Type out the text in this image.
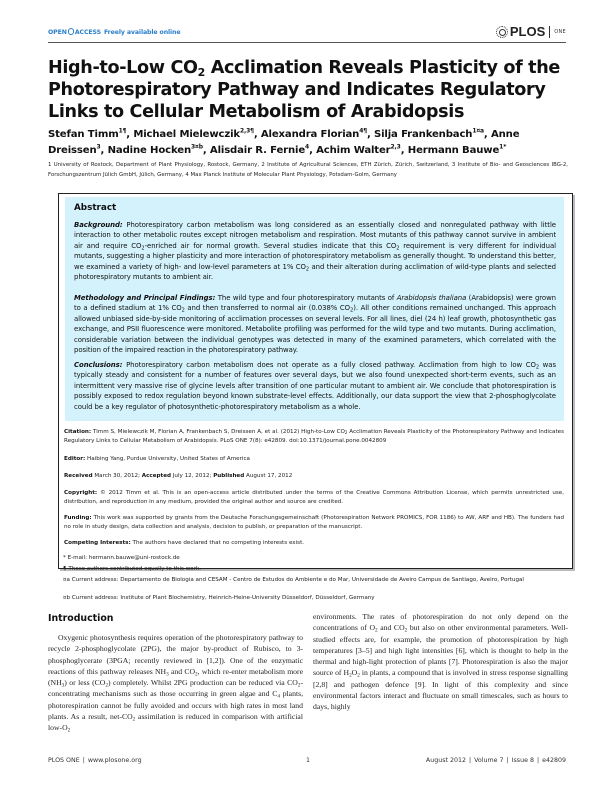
OPEN ACCESS Freely available online	PLOS ONE
High-to-Low $CO_2$ Acclimation Reveals Plasticity of the Photorespiratory Pathway and Indicates Regulatory Links to Cellular Metabolism of Arabidopsis
Stefan Timm$^{1\P}$, Michael Mielewczik$^{2,3\P}$, Alexandra Florian$^{4\P}$, Silja Frankenbach$^{1¤a}$, Anne Dreissen$^3$, Nadine Hocken$^{3¤b}$, Alisdair R. Fernie$^4$, Achim Walter$^{2,3}$, Hermann Bauwe$^{1*}$
1 University of Rostock, Department of Plant Physiology, Rostock, Germany, 2 Institute of Agricultural Sciences, ETH Zürich, Zürich, Switzerland, 3 Institute of Bio- and Geosciences IBG-2, Forschungszentrum Jülich GmbH, Jülich, Germany, 4 Max Planck Institute of Molecular Plant Physiology, Potsdam-Golm, Germany
Abstract
Background: Photorespiratory carbon metabolism was long considered as an essentially closed and nonregulated pathway with little interaction to other metabolic routes except nitrogen metabolism and respiration. Most mutants of this pathway cannot survive in ambient air and require $CO_2$-enriched air for normal growth. Several studies indicate that this $CO_2$ requirement is very different for individual mutants, suggesting a higher plasticity and more interaction of photorespiratory metabolism as generally thought. To understand this better, we examined a variety of high- and low-level parameters at 1% $CO_2$ and their alteration during acclimation of wild-type plants and selected photorespiratory mutants to ambient air.
Methodology and Principal Findings: The wild type and four photorespiratory mutants of Arabidopsis thaliana (Arabidopsis) were grown to a defined stadium at 1% $CO_2$ and then transferred to normal air (0.038% $CO_2$). All other conditions remained unchanged. This approach allowed unbiased side-by-side monitoring of acclimation processes on several levels. For all lines, diel (24 h) leaf growth, photosynthetic gas exchange, and PSII fluorescence were monitored. Metabolite profiling was performed for the wild type and two mutants. During acclimation, considerable variation between the individual genotypes was detected in many of the examined parameters, which correlated with the position of the impaired reaction in the photorespiratory pathway.
Conclusions: Photorespiratory carbon metabolism does not operate as a fully closed pathway. Acclimation from high to low $CO_2$ was typically steady and consistent for a number of features over several days, but we also found unexpected short-term events, such as an intermittent very massive rise of glycine levels after transition of one particular mutant to ambient air. We conclude that photorespiration is possibly exposed to redox regulation beyond known substrate-level effects. Additionally, our data support the view that 2-phosphoglycolate could be a key regulator of photosynthetic-photorespiratory metabolism as a whole.
Citation: Timm S, Mielewczik M, Florian A, Frankenbach S, Dreissen A, et al. (2012) High-to-Low $CO_2$ Acclimation Reveals Plasticity of the Photorespiratory Pathway and Indicates Regulatory Links to Cellular Metabolism of Arabidopsis. PLoS ONE 7(8): e42809. doi:10.1371/journal.pone.0042809
Editor: Haibing Yang, Purdue University, United States of America
Received March 30, 2012; Accepted July 12, 2012; Published August 17, 2012
Copyright: © 2012 Timm et al. This is an open-access article distributed under the terms of the Creative Commons Attribution License, which permits unrestricted use, distribution, and reproduction in any medium, provided the original author and source are credited.
Funding: This work was supported by grants from the Deutsche Forschungsgemeinschaft (Photorespiration Network PROMICS, FOR 1186) to AW, ARF and HB). The funders had no role in study design, data collection and analysis, decision to publish, or preparation of the manuscript.
Competing Interests: The authors have declared that no competing interests exist.
* E-mail: hermann.bauwe@uni-rostock.de
¶ These authors contributed equally to this work.
¤a Current address: Departamento de Biologia and CESAM - Centro de Estudos do Ambiente e do Mar, Universidade de Aveiro Campus de Santiago, Aveiro, Portugal
¤b Current address: Institute of Plant Biochemistry, Heinrich-Heine-University Düsseldorf, Düsseldorf, Germany
Introduction
Oxygenic photosynthesis requires operation of the photorespiratory pathway to recycle 2-phosphoglycolate (2PG), the major by-product of Rubisco, to 3-phosphoglycerate (3PGA; recently reviewed in [1,2]). One of the enzymatic reactions of this pathway releases $NH_3$ and $CO_2$, which re-enter metabolism more $(NH_3)$ or less $(CO_2)$ completely. Whilst 2PG production can be reduced via $CO_2$-concentrating mechanisms such as those occurring in green algae and $C_4$ plants, photorespiration cannot be fully avoided and occurs with high rates in most land plants. As a result, net-$CO_2$ assimilation is reduced in comparison with artificial low-$O_2$
environments. The rates of photorespiration do not only depend on the concentrations of $O_2$ and $CO_2$ but also on other environmental parameters. Well-studied effects are, for example, the promotion of photorespiration by high temperatures [3–5] and high light intensities [6], which is thought to help in the thermal and high-light protection of plants [7]. Photorespiration is also the major source of $H_2O_2$ in plants, a compound that is involved in stress response signalling [2,8] and pathogen defence [9]. In light of this complexity and since environmental factors interact and fluctuate on small timescales, such as hours to days, highly
PLOS ONE | www.plosone.org	1	August 2012 | Volume 7 | Issue 8 | e42809
